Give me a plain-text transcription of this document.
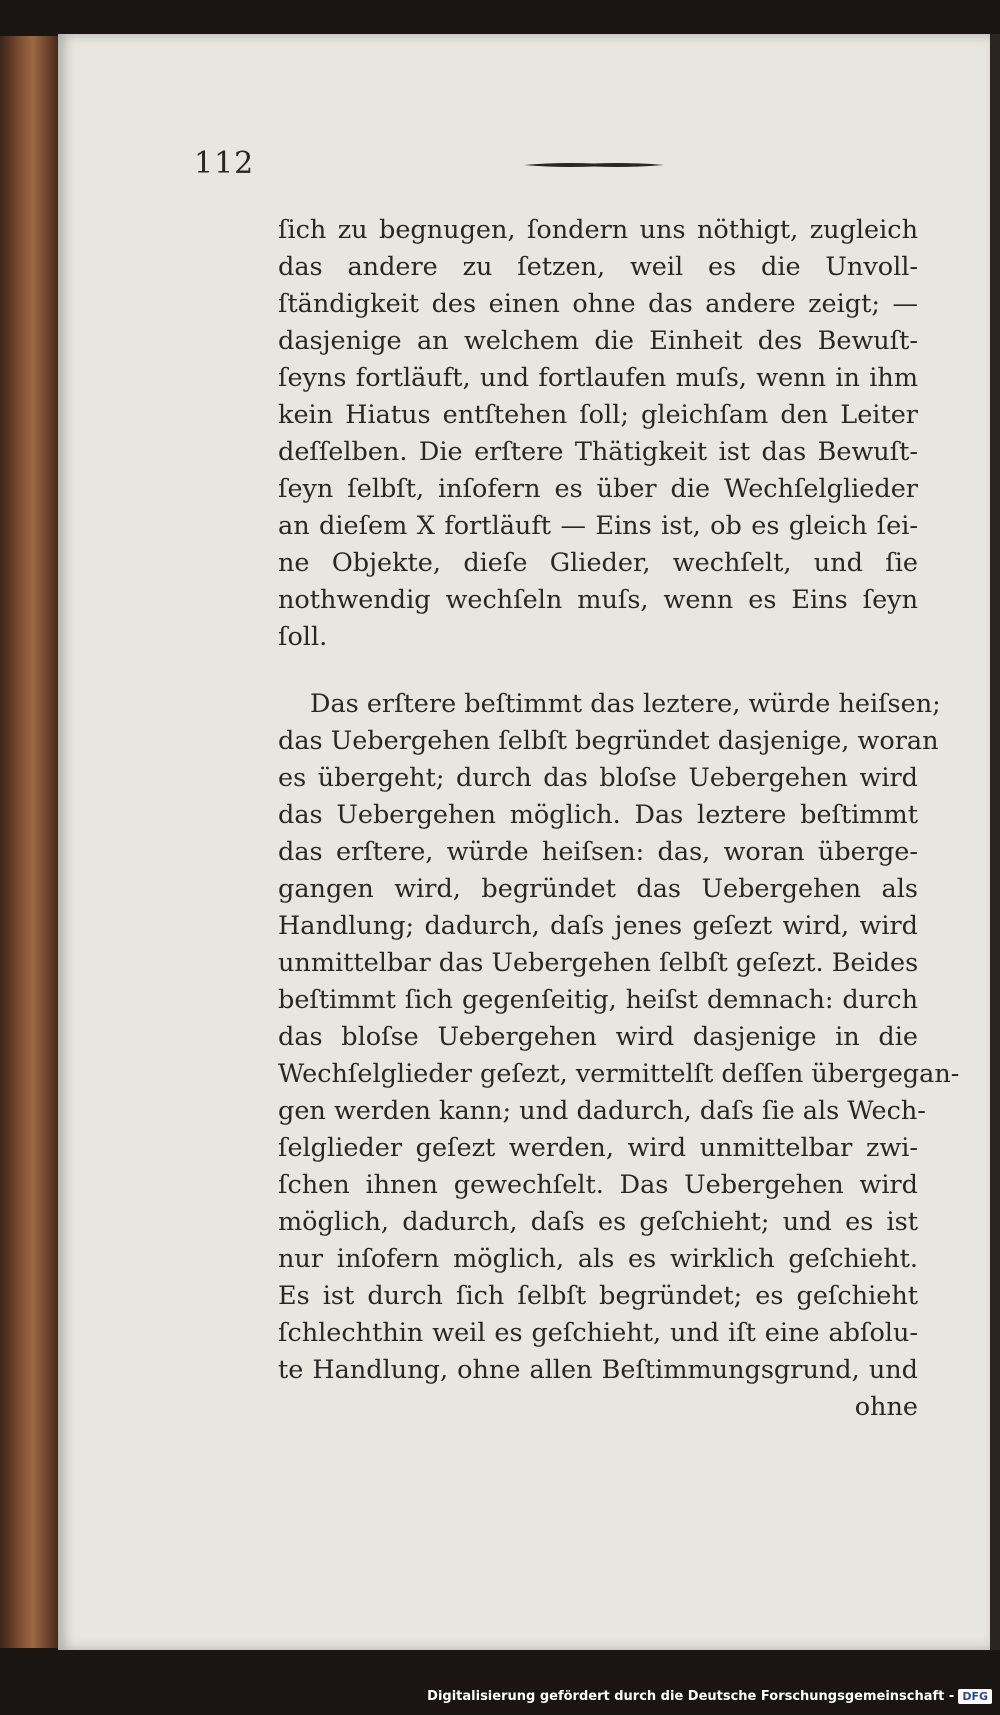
112
ſich zu begnugen, ſondern uns nöthigt, zugleich
das andere zu ſetzen, weil es die Unvoll-
ſtändigkeit des einen ohne das andere zeigt; —
dasjenige an welchem die Einheit des Bewuſt-
ſeyns fortläuft, und fortlaufen muſs, wenn in ihm
kein Hiatus entſtehen ſoll; gleichſam den Leiter
deſſelben. Die erſtere Thätigkeit ist das Bewuſt-
ſeyn ſelbſt, inſofern es über die Wechſelglieder
an dieſem X fortläuft — Eins ist, ob es gleich ſei-
ne Objekte, dieſe Glieder, wechſelt, und ſie
nothwendig wechſeln muſs, wenn es Eins ſeyn
ſoll.
Das erſtere beſtimmt das leztere, würde heiſsen;
das Uebergehen ſelbſt begründet dasjenige, woran
es übergeht; durch das bloſse Uebergehen wird
das Uebergehen möglich. Das leztere beſtimmt
das erſtere, würde heiſsen: das, woran überge-
gangen wird, begründet das Uebergehen als
Handlung; dadurch, daſs jenes geſezt wird, wird
unmittelbar das Uebergehen ſelbſt geſezt. Beides
beſtimmt ſich gegenſeitig, heiſst demnach: durch
das bloſse Uebergehen wird dasjenige in die
Wechſelglieder geſezt, vermittelſt deſſen übergegan-
gen werden kann; und dadurch, daſs ſie als Wech-
ſelglieder geſezt werden, wird unmittelbar zwi-
ſchen ihnen gewechſelt. Das Uebergehen wird
möglich, dadurch, daſs es geſchieht; und es ist
nur inſofern möglich, als es wirklich geſchieht.
Es ist durch ſich ſelbſt begründet; es geſchieht
ſchlechthin weil es geſchieht, und iſt eine abſolu-
te Handlung, ohne allen Beſtimmungsgrund, und
ohne
Digitalisierung gefördert durch die Deutsche Forschungsgemeinschaft - DFG
